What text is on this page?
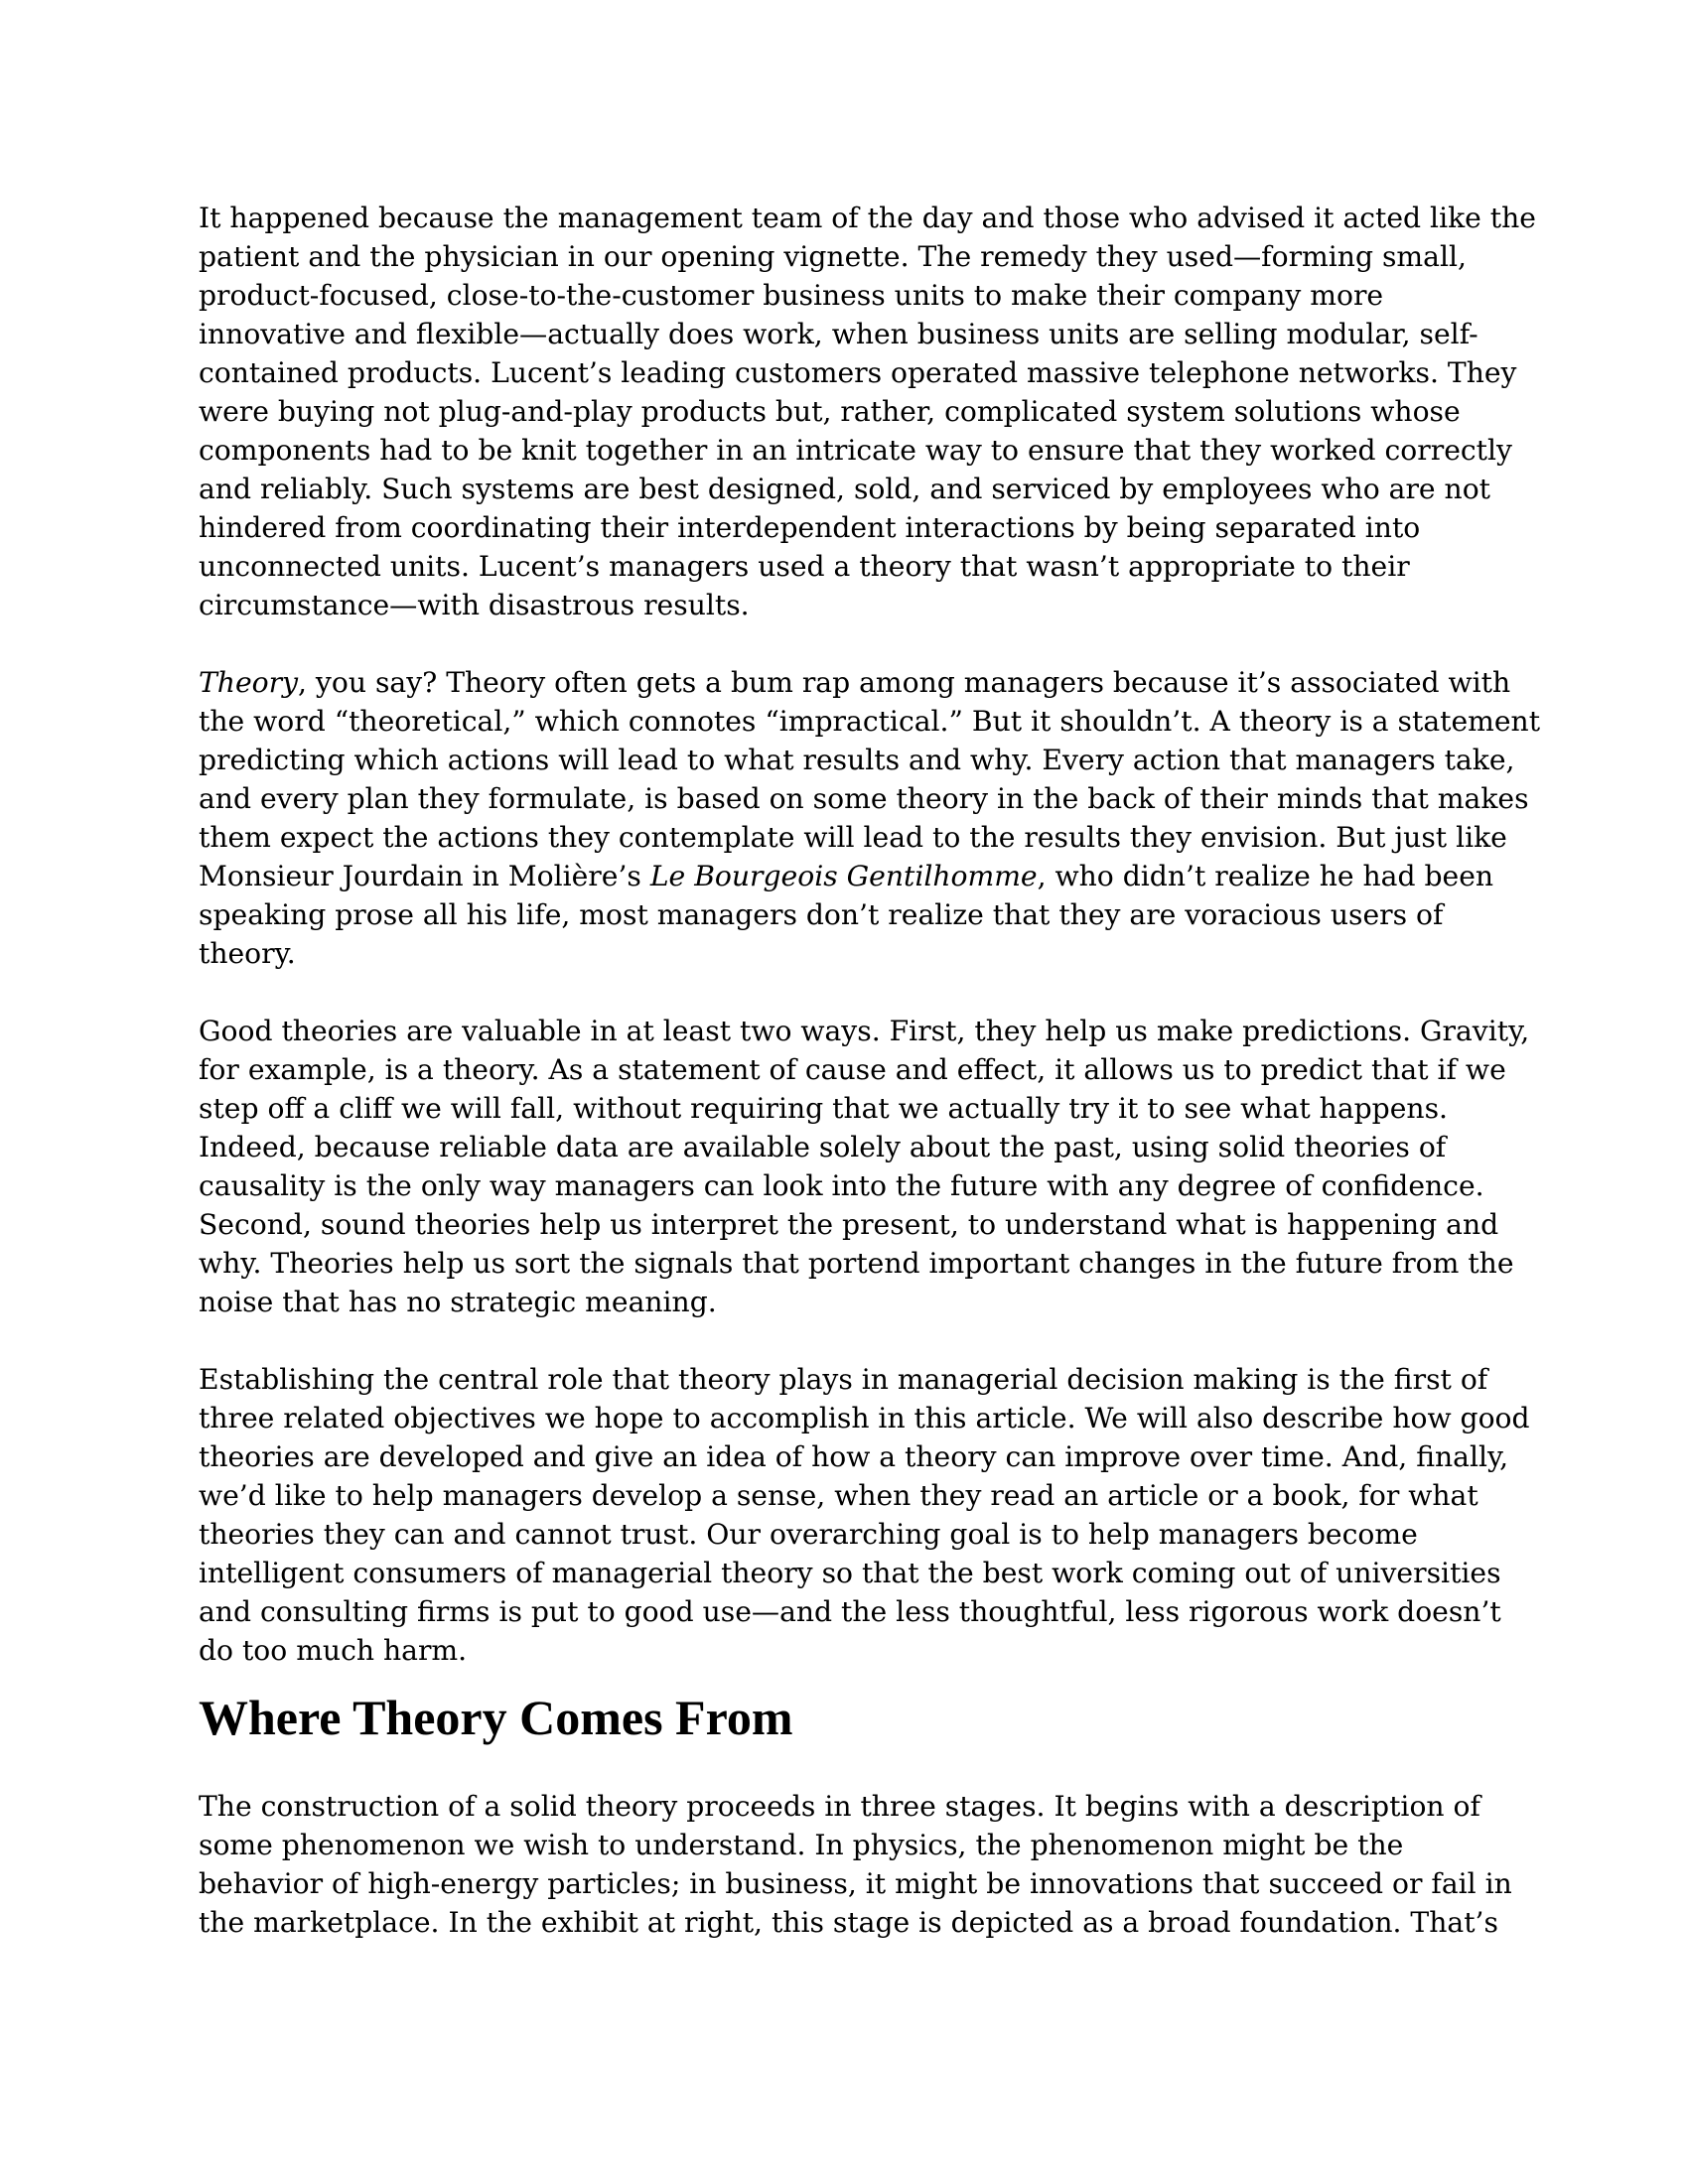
It happened because the management team of the day and those who advised it acted like the
patient and the physician in our opening vignette. The remedy they used—forming small,
product-focused, close-to-the-customer business units to make their company more
innovative and flexible—actually does work, when business units are selling modular, self-
contained products. Lucent’s leading customers operated massive telephone networks. They
were buying not plug-and-play products but, rather, complicated system solutions whose
components had to be knit together in an intricate way to ensure that they worked correctly
and reliably. Such systems are best designed, sold, and serviced by employees who are not
hindered from coordinating their interdependent interactions by being separated into
unconnected units. Lucent’s managers used a theory that wasn’t appropriate to their
circumstance—with disastrous results.

Theory, you say? Theory often gets a bum rap among managers because it’s associated with
the word “theoretical,” which connotes “impractical.” But it shouldn’t. A theory is a statement
predicting which actions will lead to what results and why. Every action that managers take,
and every plan they formulate, is based on some theory in the back of their minds that makes
them expect the actions they contemplate will lead to the results they envision. But just like
Monsieur Jourdain in Molière’s Le Bourgeois Gentilhomme, who didn’t realize he had been
speaking prose all his life, most managers don’t realize that they are voracious users of
theory.

Good theories are valuable in at least two ways. First, they help us make predictions. Gravity,
for example, is a theory. As a statement of cause and effect, it allows us to predict that if we
step off a cliff we will fall, without requiring that we actually try it to see what happens.
Indeed, because reliable data are available solely about the past, using solid theories of
causality is the only way managers can look into the future with any degree of confidence.
Second, sound theories help us interpret the present, to understand what is happening and
why. Theories help us sort the signals that portend important changes in the future from the
noise that has no strategic meaning.

Establishing the central role that theory plays in managerial decision making is the first of
three related objectives we hope to accomplish in this article. We will also describe how good
theories are developed and give an idea of how a theory can improve over time. And, finally,
we’d like to help managers develop a sense, when they read an article or a book, for what
theories they can and cannot trust. Our overarching goal is to help managers become
intelligent consumers of managerial theory so that the best work coming out of universities
and consulting firms is put to good use—and the less thoughtful, less rigorous work doesn’t
do too much harm.

Where Theory Comes From

The construction of a solid theory proceeds in three stages. It begins with a description of
some phenomenon we wish to understand. In physics, the phenomenon might be the
behavior of high-energy particles; in business, it might be innovations that succeed or fail in
the marketplace. In the exhibit at right, this stage is depicted as a broad foundation. That’s
